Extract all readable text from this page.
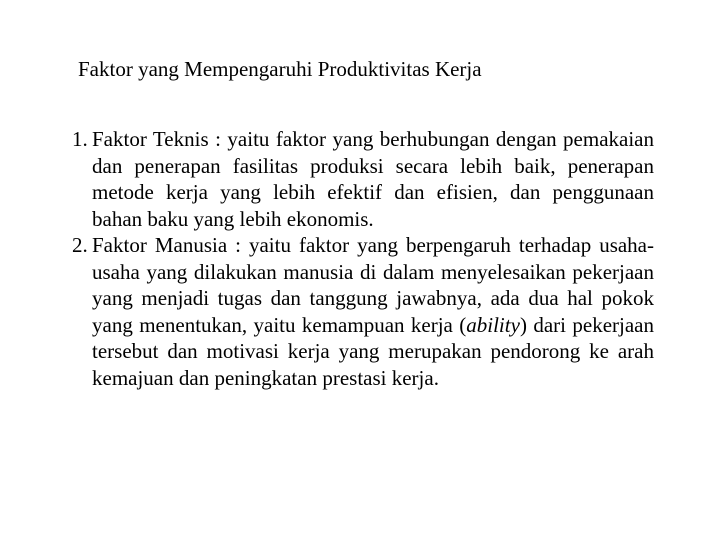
Faktor yang Mempengaruhi Produktivitas Kerja
1. Faktor Teknis : yaitu faktor yang berhubungan dengan pemakaian dan penerapan fasilitas produksi secara lebih baik, penerapan metode kerja yang lebih efektif dan efisien, dan penggunaan bahan baku yang lebih ekonomis.
2. Faktor Manusia : yaitu faktor yang berpengaruh terhadap usaha-usaha yang dilakukan manusia di dalam menyelesaikan pekerjaan yang menjadi tugas dan tanggung jawabnya, ada dua hal pokok yang menentukan, yaitu kemampuan kerja (ability) dari pekerjaan tersebut dan motivasi kerja yang merupakan pendorong ke arah kemajuan dan peningkatan prestasi kerja.
